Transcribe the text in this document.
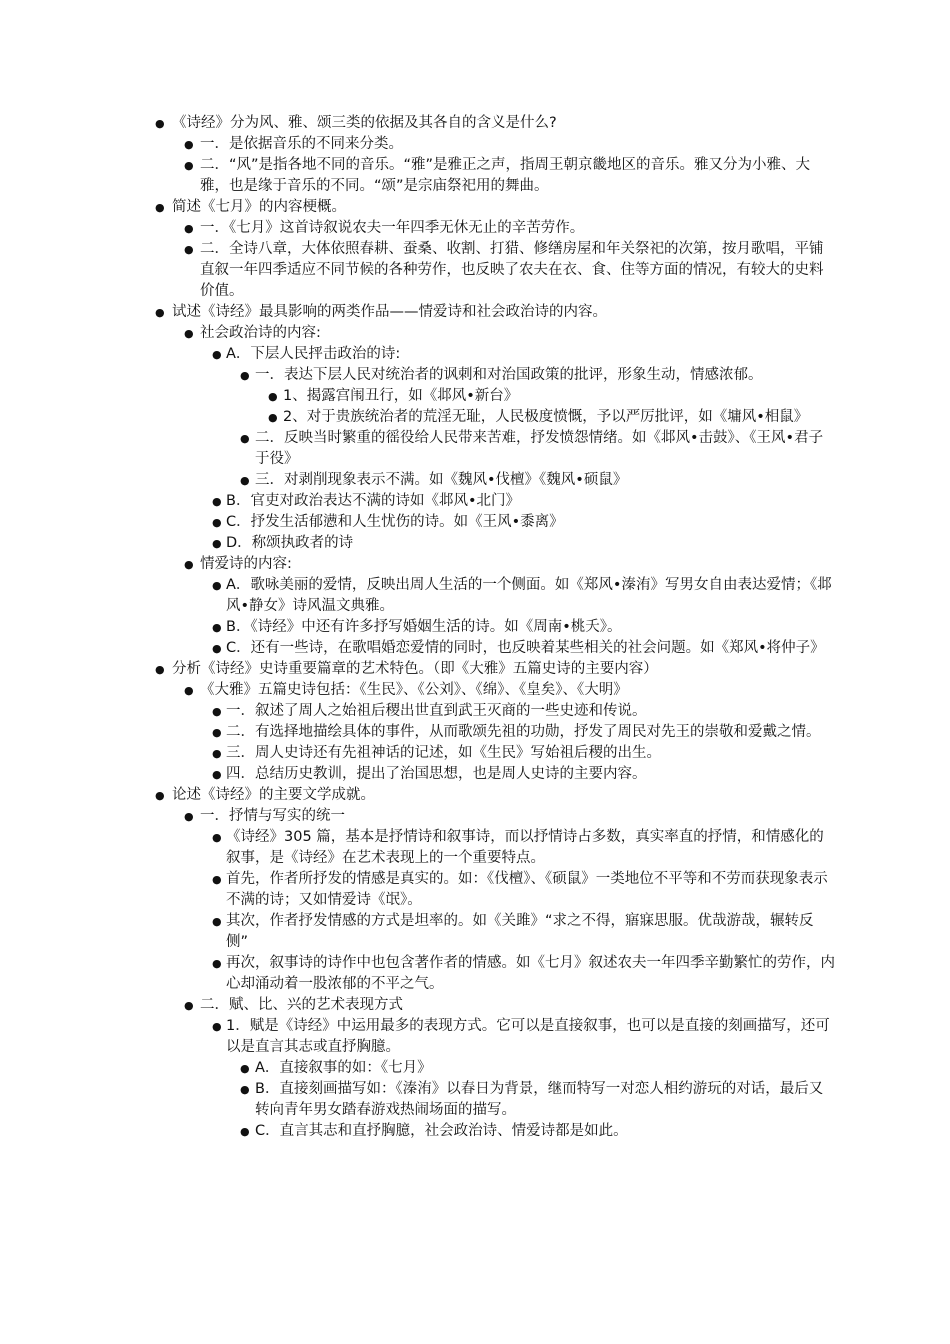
● 《诗经》分为风、雅、颂三类的依据及其各自的含义是什么?
● 一．是依据音乐的不同来分类。
● 二．“风”是指各地不同的音乐。“雅”是雅正之声，指周王朝京畿地区的音乐。雅又分为小雅、大雅，也是缘于音乐的不同。“颂”是宗庙祭祀用的舞曲。
● 简述《七月》的内容梗概。
● 一．《七月》这首诗叙说农夫一年四季无休无止的辛苦劳作。
● 二．全诗八章，大体依照春耕、蚕桑、收割、打猎、修缮房屋和年关祭祀的次第，按月歌唱，平铺直叙一年四季适应不同节候的各种劳作，也反映了农夫在衣、食、住等方面的情况，有较大的史料价值。
● 试述《诗经》最具影响的两类作品——情爱诗和社会政治诗的内容。
● 社会政治诗的内容:
● A．下层人民抨击政治的诗:
● 一．表达下层人民对统治者的讽刺和对治国政策的批评，形象生动，情感浓郁。
● 1、揭露宫闱丑行，如《邶风•新台》
● 2、对于贵族统治者的荒淫无耻，人民极度愤慨，予以严厉批评，如《墉风•相鼠》
● 二．反映当时繁重的徭役给人民带来苦难，抒发愤怨情绪。如《邶风•击鼓》、《王风•君子于役》
● 三．对剥削现象表示不满。如《魏风•伐檀》《魏风•硕鼠》
● B．官吏对政治表达不满的诗如《邶风•北门》
● C．抒发生活郁懑和人生忧伤的诗。如《王风•黍离》
● D．称颂执政者的诗
● 情爱诗的内容:
● A．歌咏美丽的爱情，反映出周人生活的一个侧面。如《郑风•溱洧》写男女自由表达爱情；《邶风•静女》诗风温文典雅。
● B．《诗经》中还有许多抒写婚姻生活的诗。如《周南•桃夭》。
● C．还有一些诗，在歌唱婚恋爱情的同时，也反映着某些相关的社会问题。如《郑风•将仲子》
● 分析《诗经》史诗重要篇章的艺术特色。（即《大雅》五篇史诗的主要内容）
● 《大雅》五篇史诗包括：《生民》、《公刘》、《绵》、《皇矣》、《大明》
● 一．叙述了周人之始祖后稷出世直到武王灭商的一些史迹和传说。
● 二．有选择地描绘具体的事件，从而歌颂先祖的功勋，抒发了周民对先王的崇敬和爱戴之情。
● 三．周人史诗还有先祖神话的记述，如《生民》写始祖后稷的出生。
● 四．总结历史教训，提出了治国思想，也是周人史诗的主要内容。
● 论述《诗经》的主要文学成就。
● 一．抒情与写实的统一
● 《诗经》305 篇，基本是抒情诗和叙事诗，而以抒情诗占多数，真实率直的抒情，和情感化的叙事，是《诗经》在艺术表现上的一个重要特点。
● 首先，作者所抒发的情感是真实的。如：《伐檀》、《硕鼠》一类地位不平等和不劳而获现象表示不满的诗；又如情爱诗《氓》。
● 其次，作者抒发情感的方式是坦率的。如《关雎》“求之不得，寤寐思服。优哉游哉，辗转反侧”
● 再次，叙事诗的诗作中也包含著作者的情感。如《七月》叙述农夫一年四季辛勤繁忙的劳作，内心却涌动着一股浓郁的不平之气。
● 二．赋、比、兴的艺术表现方式
● 1．赋是《诗经》中运用最多的表现方式。它可以是直接叙事，也可以是直接的刻画描写，还可以是直言其志或直抒胸臆。
● A．直接叙事的如：《七月》
● B．直接刻画描写如：《溱洧》以春日为背景，继而特写一对恋人相约游玩的对话，最后又转向青年男女踏春游戏热闹场面的描写。
● C．直言其志和直抒胸臆，社会政治诗、情爱诗都是如此。
